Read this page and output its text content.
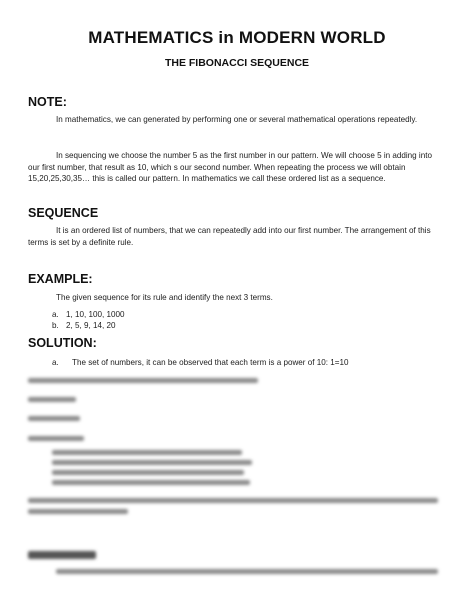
MATHEMATICS in MODERN WORLD
THE FIBONACCI SEQUENCE
NOTE:
In mathematics, we can generated by performing one or several mathematical operations repeatedly.
In sequencing we choose the number 5 as the first number in our pattern. We will choose 5 in adding into our first number, that result as 10, which s our second number. When repeating the process we will obtain 15,20,25,30,35… this is called our pattern. In mathematics we call these ordered list as a sequence.
SEQUENCE
It is an ordered list of numbers, that we can repeatedly add into our first number. The arrangement of this terms is set by a definite rule.
EXAMPLE:
The given sequence for its rule and identify the next 3 terms.
a. 1, 10, 100, 1000
b. 2, 5, 9, 14, 20
SOLUTION:
a.	The set of numbers, it can be observed that each term is a power of 10: 1=10
